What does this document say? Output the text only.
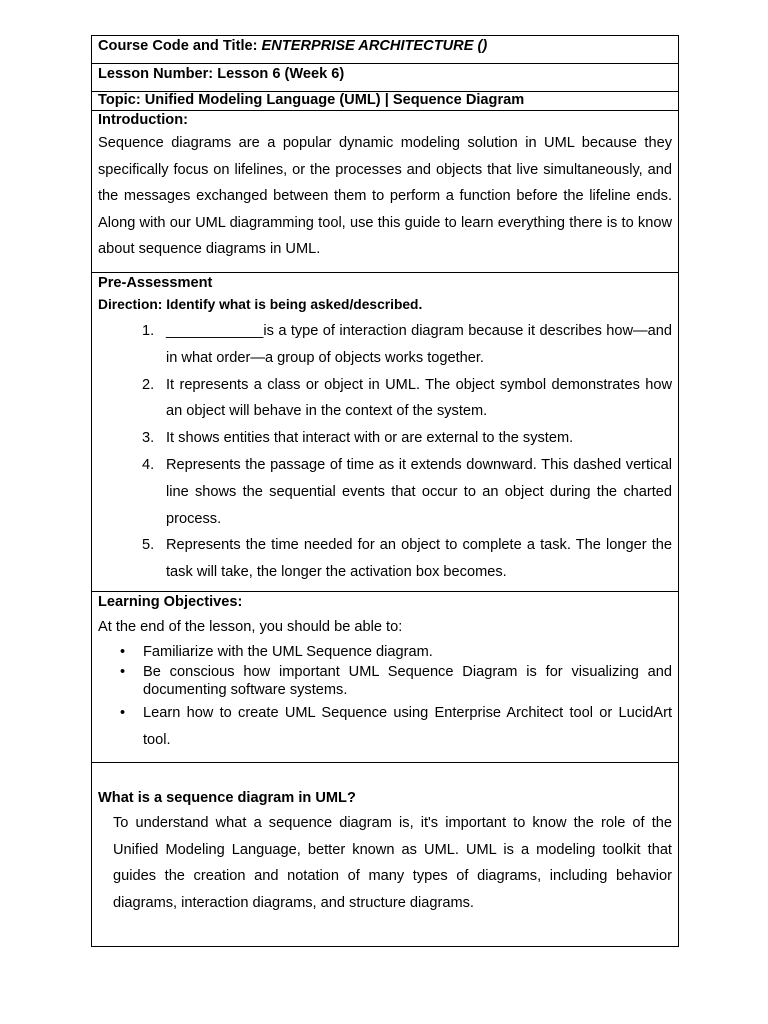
Course Code and Title: ENTERPRISE ARCHITECTURE ()
Lesson Number: Lesson 6 (Week 6)
Topic: Unified Modeling Language (UML) | Sequence Diagram

Introduction:

Sequence diagrams are a popular dynamic modeling solution in UML because they specifically focus on lifelines, or the processes and objects that live simultaneously, and the messages exchanged between them to perform a function before the lifeline ends. Along with our UML diagramming tool, use this guide to learn everything there is to know about sequence diagrams in UML.

Pre-Assessment

Direction: Identify what is being asked/described.

1. ____________is a type of interaction diagram because it describes how—and in what order—a group of objects works together.
2. It represents a class or object in UML. The object symbol demonstrates how an object will behave in the context of the system.
3. It shows entities that interact with or are external to the system.
4. Represents the passage of time as it extends downward. This dashed vertical line shows the sequential events that occur to an object during the charted process.
5. Represents the time needed for an object to complete a task. The longer the task will take, the longer the activation box becomes.

Learning Objectives:

At the end of the lesson, you should be able to:

• Familiarize with the UML Sequence diagram.
• Be conscious how important UML Sequence Diagram is for visualizing and documenting software systems.
• Learn how to create UML Sequence using Enterprise Architect tool or LucidArt tool.

What is a sequence diagram in UML?

To understand what a sequence diagram is, it's important to know the role of the Unified Modeling Language, better known as UML. UML is a modeling toolkit that guides the creation and notation of many types of diagrams, including behavior diagrams, interaction diagrams, and structure diagrams.
